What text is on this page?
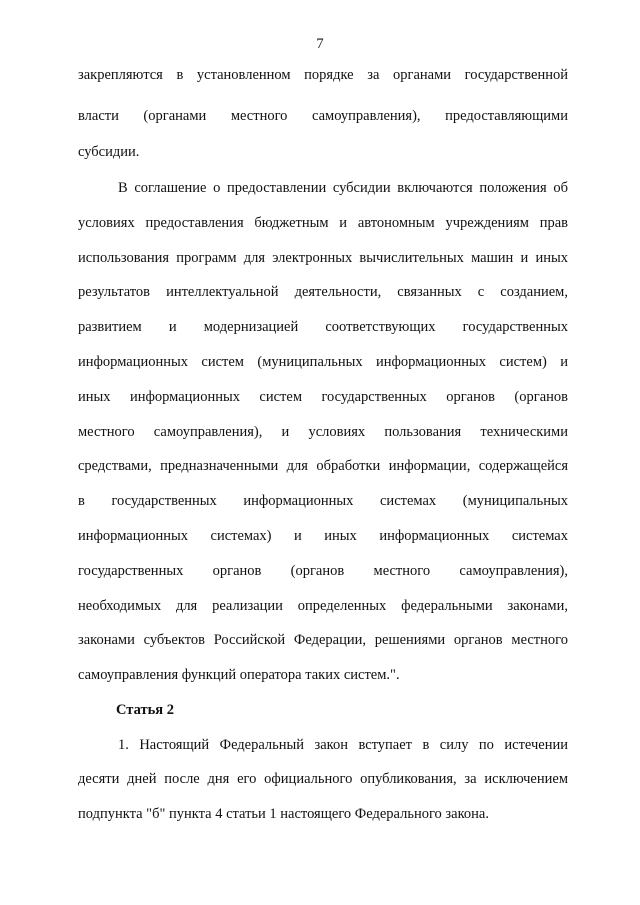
7
закрепляются в установленном порядке за органами государственной
власти (органами местного самоуправления), предоставляющими
субсидии.
В соглашение о предоставлении субсидии включаются положения об
условиях предоставления бюджетным и автономным учреждениям прав
использования программ для электронных вычислительных машин и иных
результатов интеллектуальной деятельности, связанных с созданием,
развитием и модернизацией соответствующих государственных
информационных систем (муниципальных информационных систем) и
иных информационных систем государственных органов (органов
местного самоуправления), и условиях пользования техническими
средствами, предназначенными для обработки информации, содержащейся
в государственных информационных системах (муниципальных
информационных системах) и иных информационных системах
государственных органов (органов местного самоуправления),
необходимых для реализации определенных федеральными законами,
законами субъектов Российской Федерации, решениями органов местного
самоуправления функций оператора таких систем.".
Статья 2
1. Настоящий Федеральный закон вступает в силу по истечении
десяти дней после дня его официального опубликования, за исключением
подпункта "б" пункта 4 статьи 1 настоящего Федерального закона.
